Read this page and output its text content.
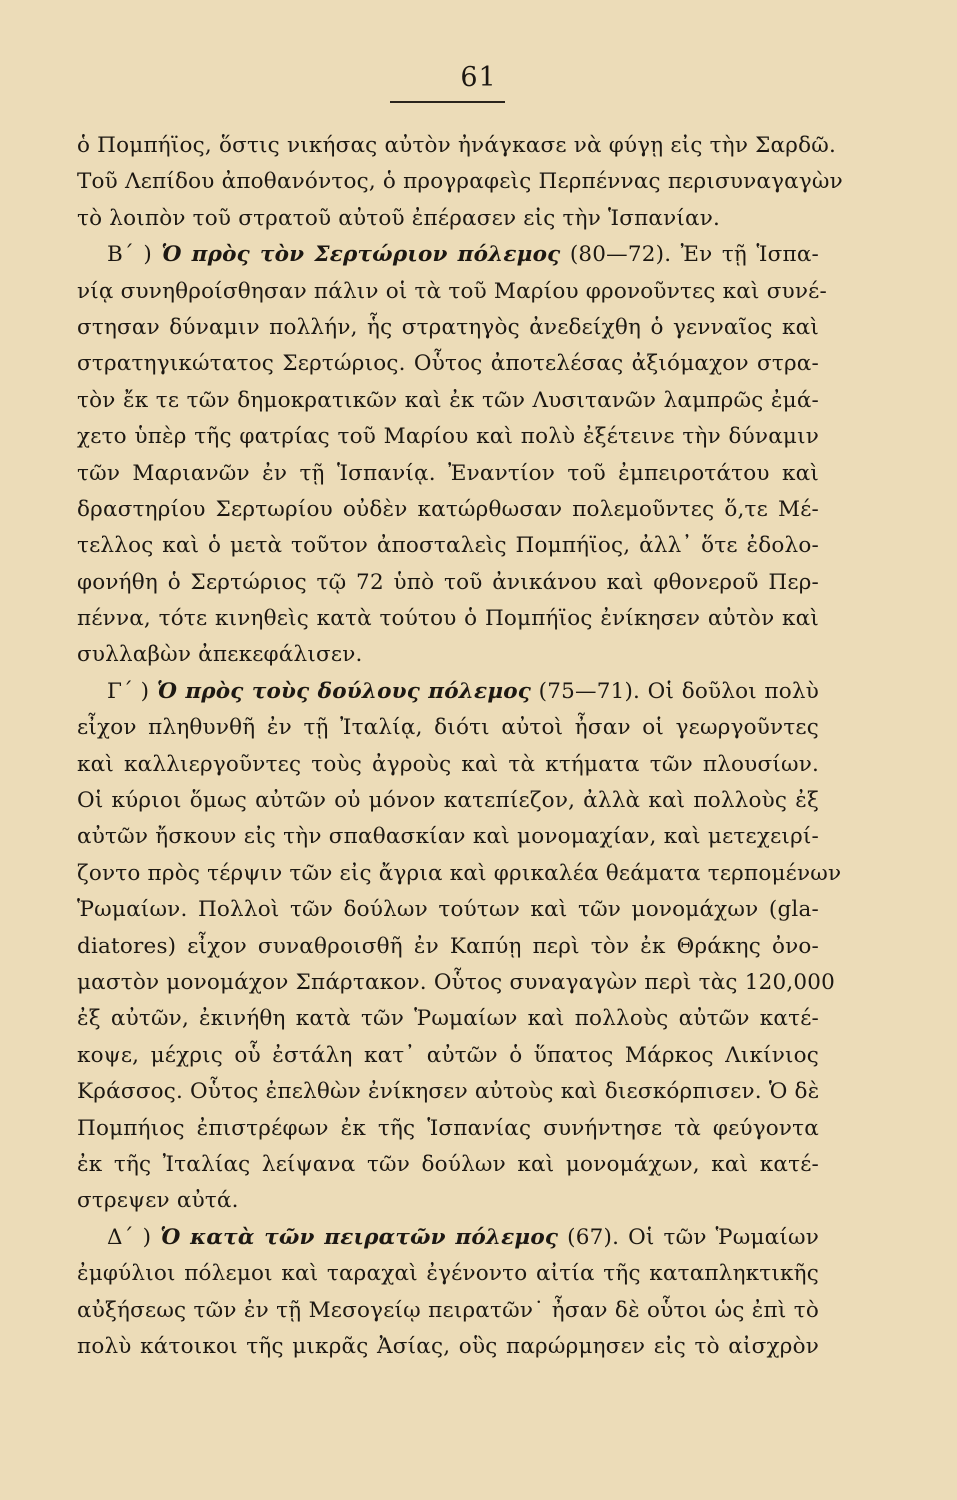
61
ὁ Πομπήϊος, ὅστις νικήσας αὐτὸν ἠνάγκασε νὰ φύγῃ εἰς τὴν Σαρδῶ.
Τοῦ Λεπίδου ἀποθανόντος, ὁ προγραφεὶς Περπέννας περισυναγαγὼν
τὸ λοιπὸν τοῦ στρατοῦ αὐτοῦ ἐπέρασεν εἰς τὴν Ἱσπανίαν.
Β΄ ) Ὁ πρὸς τὸν Σερτώριον πόλεμος (80—72). Ἐν τῇ Ἱσπα-
νίᾳ συνηθροίσθησαν πάλιν οἱ τὰ τοῦ Μαρίου φρονοῦντες καὶ συνέ-
στησαν δύναμιν πολλήν, ἧς στρατηγὸς ἀνεδείχθη ὁ γενναῖος καὶ
στρατηγικώτατος Σερτώριος. Οὗτος ἀποτελέσας ἀξιόμαχον στρα-
τὸν ἔκ τε τῶν δημοκρατικῶν καὶ ἐκ τῶν Λυσιτανῶν λαμπρῶς ἐμά-
χετο ὑπὲρ τῆς φατρίας τοῦ Μαρίου καὶ πολὺ ἐξέτεινε τὴν δύναμιν
τῶν Μαριανῶν ἐν τῇ Ἱσπανίᾳ. Ἐναντίον τοῦ ἐμπειροτάτου καὶ
δραστηρίου Σερτωρίου οὐδὲν κατώρθωσαν πολεμοῦντες ὅ,τε Μέ-
τελλος καὶ ὁ μετὰ τοῦτον ἀποσταλεὶς Πομπήϊος, ἀλλ᾽ ὅτε ἐδολο-
φονήθη ὁ Σερτώριος τῷ 72 ὑπὸ τοῦ ἀνικάνου καὶ φθονεροῦ Περ-
πέννα, τότε κινηθεὶς κατὰ τούτου ὁ Πομπήϊος ἐνίκησεν αὐτὸν καὶ
συλλαβὼν ἀπεκεφάλισεν.
Γ΄ ) Ὁ πρὸς τοὺς δούλους πόλεμος (75—71). Οἱ δοῦλοι πολὺ
εἶχον πληθυνθῆ ἐν τῇ Ἰταλίᾳ, διότι αὐτοὶ ἦσαν οἱ γεωργοῦντες
καὶ καλλιεργοῦντες τοὺς ἀγροὺς καὶ τὰ κτήματα τῶν πλουσίων.
Οἱ κύριοι ὅμως αὐτῶν οὐ μόνον κατεπίεζον, ἀλλὰ καὶ πολλοὺς ἐξ
αὐτῶν ἤσκουν εἰς τὴν σπαθασκίαν καὶ μονομαχίαν, καὶ μετεχειρί-
ζοντο πρὸς τέρψιν τῶν εἰς ἄγρια καὶ φρικαλέα θεάματα τερπομένων
Ῥωμαίων. Πολλοὶ τῶν δούλων τούτων καὶ τῶν μονομάχων (gla-
diatores) εἶχον συναθροισθῆ ἐν Καπύῃ περὶ τὸν ἐκ Θράκης ὀνο-
μαστὸν μονομάχον Σπάρτακον. Οὗτος συναγαγὼν περὶ τὰς 120,000
ἐξ αὐτῶν, ἐκινήθη κατὰ τῶν Ῥωμαίων καὶ πολλοὺς αὐτῶν κατέ-
κοψε, μέχρις οὗ ἐστάλη κατ᾽ αὐτῶν ὁ ὕπατος Μάρκος Λικίνιος
Κράσσος. Οὗτος ἐπελθὼν ἐνίκησεν αὐτοὺς καὶ διεσκόρπισεν. Ὁ δὲ
Πομπήιος ἐπιστρέφων ἐκ τῆς Ἱσπανίας συνήντησε τὰ φεύγοντα
ἐκ τῆς Ἰταλίας λείψανα τῶν δούλων καὶ μονομάχων, καὶ κατέ-
στρεψεν αὐτά.
Δ΄ ) Ὁ κατὰ τῶν πειρατῶν πόλεμος (67). Οἱ τῶν Ῥωμαίων
ἐμφύλιοι πόλεμοι καὶ ταραχαὶ ἐγένοντο αἰτία τῆς καταπληκτικῆς
αὐξήσεως τῶν ἐν τῇ Μεσογείῳ πειρατῶν˙ ἦσαν δὲ οὗτοι ὡς ἐπὶ τὸ
πολὺ κάτοικοι τῆς μικρᾶς Ἀσίας, οὓς παρώρμησεν εἰς τὸ αἰσχρὸν
